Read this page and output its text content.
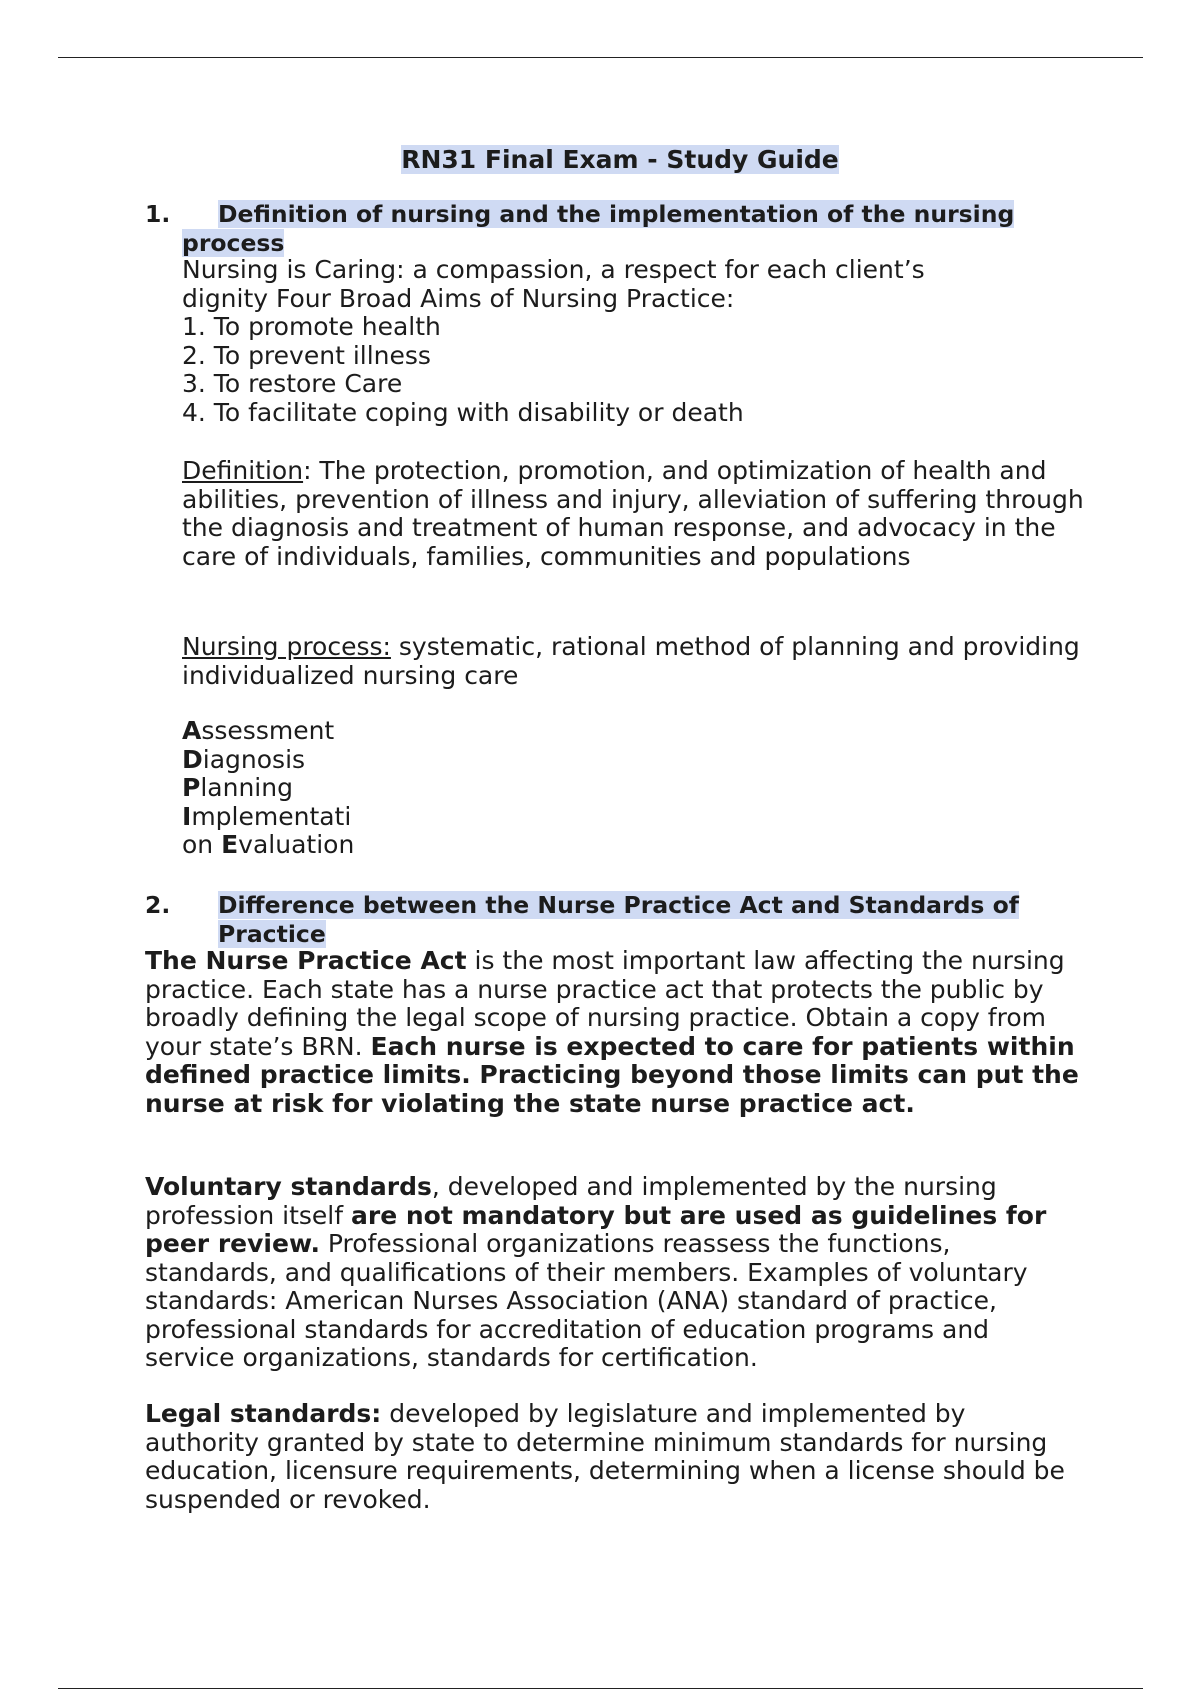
RN31 Final Exam - Study Guide
1. Definition of nursing and the implementation of the nursing
process
Nursing is Caring: a compassion, a respect for each client’s
dignity Four Broad Aims of Nursing Practice:
1. To promote health
2. To prevent illness
3. To restore Care
4. To facilitate coping with disability or death
Definition: The protection, promotion, and optimization of health and abilities, prevention of illness and injury, alleviation of suffering through the diagnosis and treatment of human response, and advocacy in the care of individuals, families, communities and populations
Nursing process: systematic, rational method of planning and providing individualized nursing care
Assessment
Diagnosis
Planning
Implementati
on Evaluation
2. Difference between the Nurse Practice Act and Standards of
Practice
The Nurse Practice Act is the most important law affecting the nursing practice. Each state has a nurse practice act that protects the public by broadly defining the legal scope of nursing practice. Obtain a copy from your state’s BRN. Each nurse is expected to care for patients within defined practice limits. Practicing beyond those limits can put the nurse at risk for violating the state nurse practice act.
Voluntary standards, developed and implemented by the nursing profession itself are not mandatory but are used as guidelines for peer review. Professional organizations reassess the functions, standards, and qualifications of their members. Examples of voluntary standards: American Nurses Association (ANA) standard of practice, professional standards for accreditation of education programs and service organizations, standards for certification.
Legal standards: developed by legislature and implemented by authority granted by state to determine minimum standards for nursing education, licensure requirements, determining when a license should be suspended or revoked.
